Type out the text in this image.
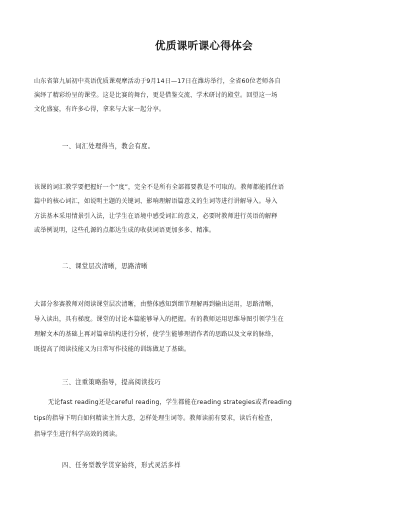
优质课听课心得体会
山东省第九届初中英语优质课观摩活动于9月14日—17日在潍坊举行，全省60位老师各自
演绎了精彩纷呈的课堂。这是比赛的舞台，更是借鉴交流、学术研讨的殿堂。回望这一场
文化盛宴，有许多心得，拿来与大家一起分享。
一、词汇处理得当，教会有度。
该课的词汇教学要把握好一个“度”，完全不是所有全部都要教是不可取的。教师都能抓住语
篇中的核心词汇，如说明主题的关键词、影响理解语篇意义的生词等进行讲解导入。导入
方法基本采用情景引入法，让学生在语境中感受词汇的意义，必要时教师进行英语的解释
或举例说明，这些孔源的点都达生成的收获词语更加多多、精准。
二、课堂层次清晰，思路清晰
大部分参赛教师对阅读课堂层次清晰，由整体感知到细节理解再到输出运用，思路清晰，
导入读出，具有梯度。课堂的讨论本篇能够导入的把握。有的教师运用思维导图引领学生在
理解文本的基础上再对篇章结构进行分析，使学生能够理清作者的思路以及文章的脉络，
既提高了阅读技能又为日常写作技能的训练做足了基础。
三、注重策略指导，提高阅读技巧
无论fast reading还是careful reading，学生都能在reading strategies或者reading
tips的指导下明白如何精读主旨大意，怎样处理生词等。教师读前有要求，读后有检查，
指导学生进行科学高效的阅读。
四、任务型教学贯穿始终，形式灵活多样
